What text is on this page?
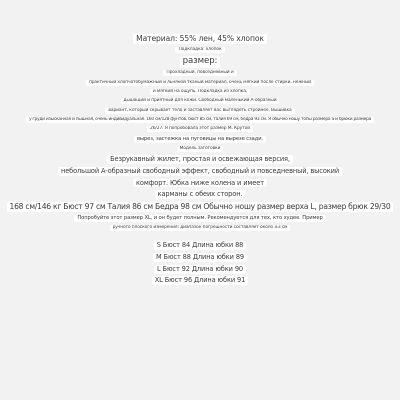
Материал: 55% лен, 45% хлопок
Подкладка: хлопок
размер:
Прохладный, повседневный и
практичный хлопчатобумажный и льняной тканый материал, очень мягкий после стирки, нежный
и мягкий на ощупь. Подкладка из хлопка,
дышащий и приятный для кожи. Свободный маленький А-образный
вариант, который скрывает тело и заставляет вас выглядеть стройнее. Вышивка
у груди изысканная и пышная, очень индивидуальная. 160 см/128 фунтов, бюст 85 см, талия 69 см, бедра 93 см. Я обычно ношу топы размера S и брюки размера
26/27. Я попробовала этот размер M. Крутой
вырез, застежка на пуговицы на вырезе сзади.
Модель заготовки
Безрукавный жилет, простая и освежающая версия,
небольшой А-образный свободный эффект, свободный и повседневный, высокий
комфорт. Юбка ниже колена и имеет
карманы с обеих сторон.
168 см/146 кг Бюст 97 см Талия 86 см Бедра 98 см Обычно ношу размер верха L, размер брюк 29/30
Попробуйте этот размер XL, и он будет полным. Рекомендуется для тех, кто худее. Пример
ручного плоского измерения: диапазон погрешности составляет около ±3 см
S Бюст 84 Длина юбки 88
M Бюст 88 Длина юбки 89
L Бюст 92 Длина юбки 90
XL Бюст 96 Длина юбки 91
